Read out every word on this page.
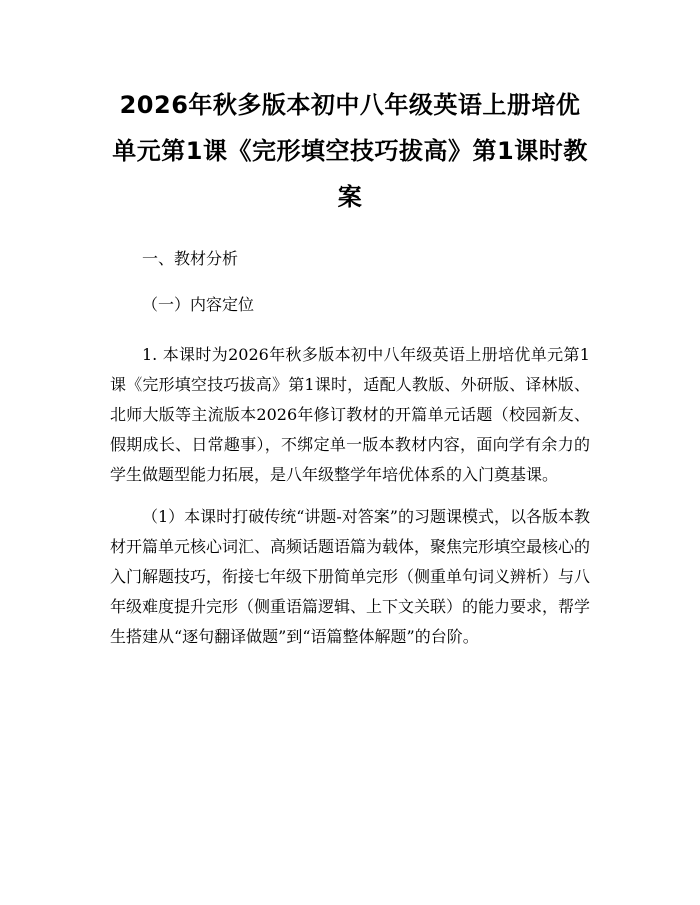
2026年秋多版本初中八年级英语上册培优单元第1课《完形填空技巧拔高》第1课时教案

一、教材分析

（一）内容定位

1. 本课时为2026年秋多版本初中八年级英语上册培优单元第1课《完形填空技巧拔高》第1课时，适配人教版、外研版、译林版、北师大版等主流版本2026年修订教材的开篇单元话题（校园新友、假期成长、日常趣事），不绑定单一版本教材内容，面向学有余力的学生做题型能力拓展，是八年级整学年培优体系的入门奠基课。

（1）本课时打破传统“讲题-对答案”的习题课模式，以各版本教材开篇单元核心词汇、高频话题语篇为载体，聚焦完形填空最核心的入门解题技巧，衔接七年级下册简单完形（侧重单句词义辨析）与八年级难度提升完形（侧重语篇逻辑、上下文关联）的能力要求，帮学生搭建从“逐句翻译做题”到“语篇整体解题”的台阶。
